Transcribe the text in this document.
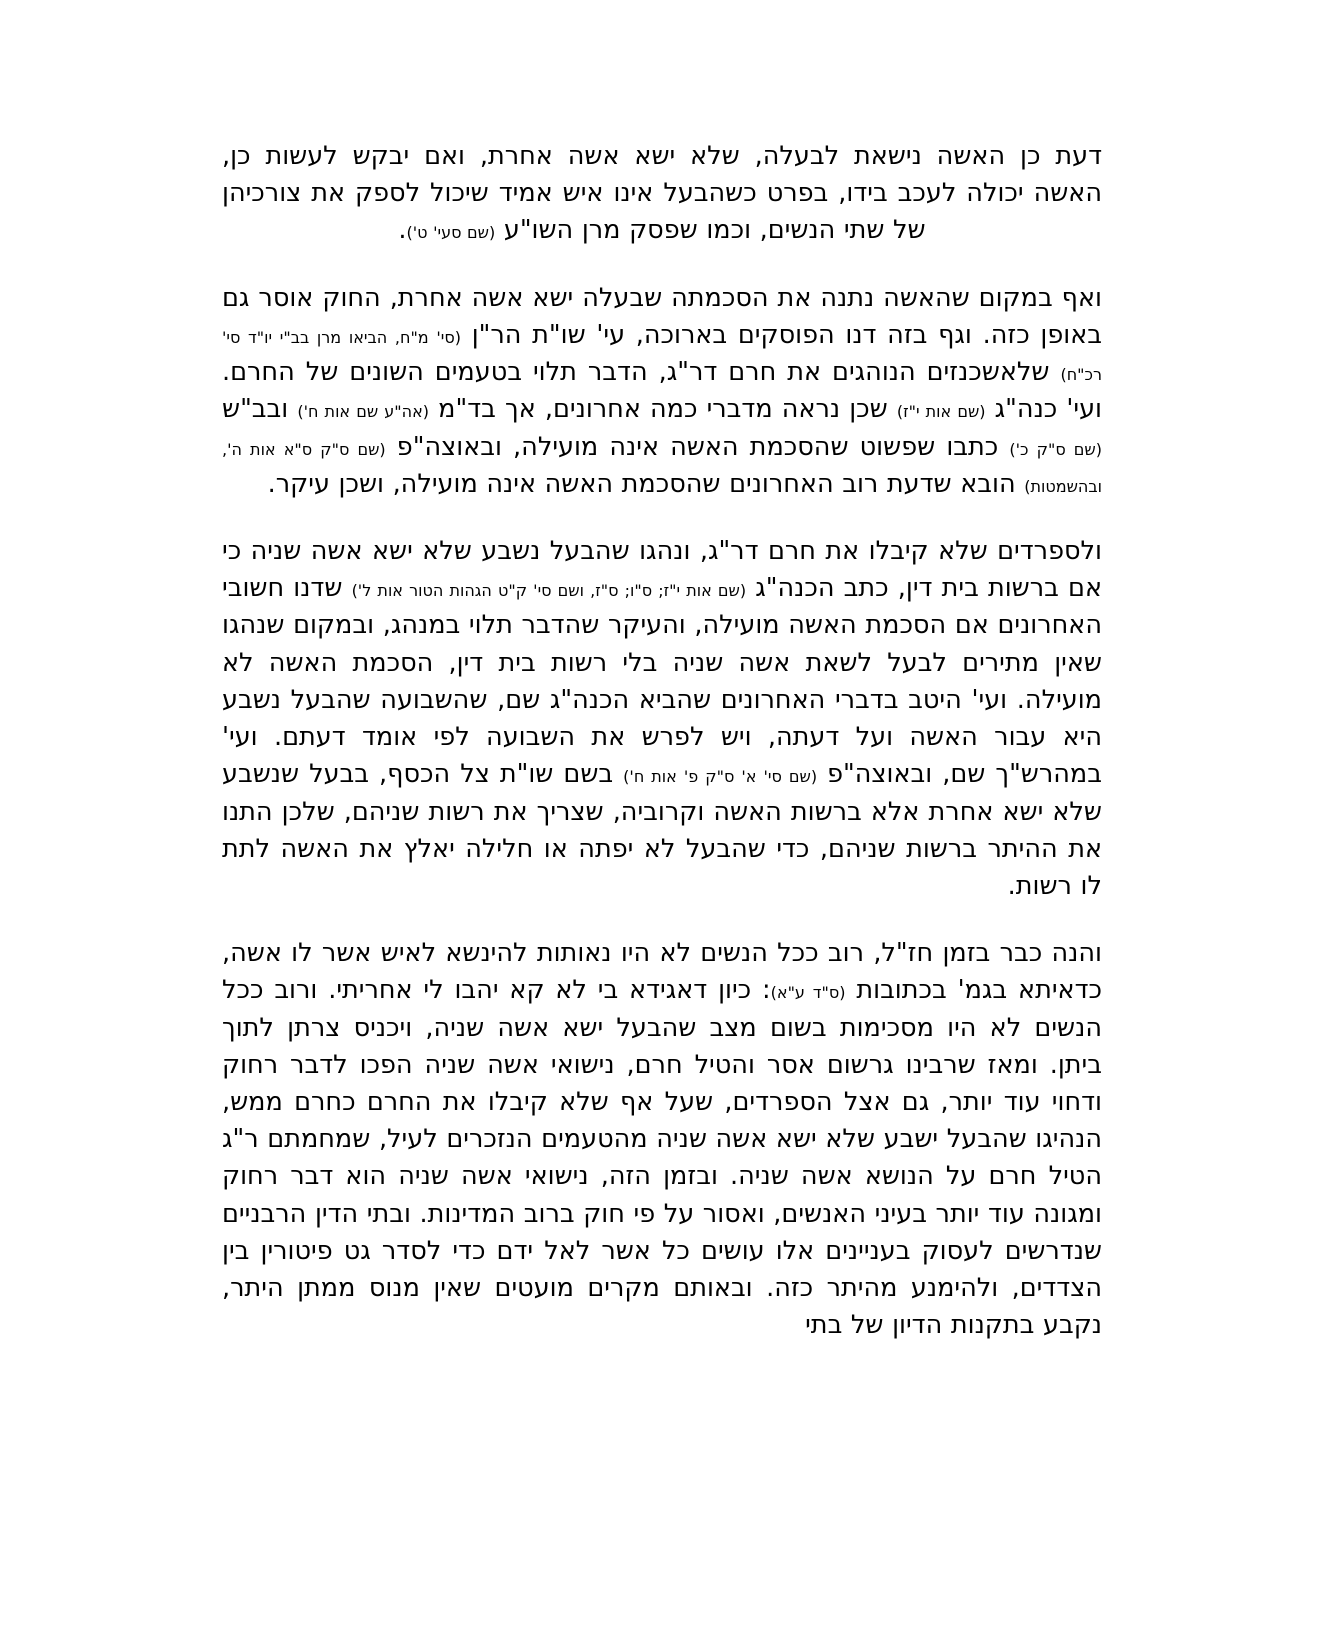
דעת כן האשה נישאת לבעלה, שלא ישא אשה אחרת, ואם יבקש לעשות כן, האשה יכולה לעכב בידו, בפרט כשהבעל אינו איש אמיד שיכול לספק את צורכיהן של שתי הנשים, וכמו שפסק מרן השו"ע (שם סעי' ט').

ואף במקום שהאשה נתנה את הסכמתה שבעלה ישא אשה אחרת, החוק אוסר גם באופן כזה. וגף בזה דנו הפוסקים בארוכה, עי' שו"ת הר"ן (סי' מ"ח, הביאו מרן בב"י יו"ד סי' רכ"ח) שלאשכנזים הנוהגים את חרם דר"ג, הדבר תלוי בטעמים השונים של החרם. ועי' כנה"ג (שם אות י"ז) שכן נראה מדברי כמה אחרונים, אך בד"מ (אה"ע שם אות ח') ובב"ש (שם ס"ק כ') כתבו שפשוט שהסכמת האשה אינה מועילה, ובאוצה"פ (שם ס"ק ס"א אות ה', ובהשמטות) הובא שדעת רוב האחרונים שהסכמת האשה אינה מועילה, ושכן עיקר.

ולספרדים שלא קיבלו את חרם דר"ג, ונהגו שהבעל נשבע שלא ישא אשה שניה כי אם ברשות בית דין, כתב הכנה"ג (שם אות י"ז; ס"ו; ס"ז, ושם סי' ק"ט הגהות הטור אות ל') שדנו חשובי האחרונים אם הסכמת האשה מועילה, והעיקר שהדבר תלוי במנהג, ובמקום שנהגו שאין מתירים לבעל לשאת אשה שניה בלי רשות בית דין, הסכמת האשה לא מועילה. ועי' היטב בדברי האחרונים שהביא הכנה"ג שם, שהשבועה שהבעל נשבע היא עבור האשה ועל דעתה, ויש לפרש את השבועה לפי אומד דעתם. ועי' במהרש"ך שם, ובאוצה"פ (שם סי' א' ס"ק פ' אות ח') בשם שו"ת צל הכסף, בבעל שנשבע שלא ישא אחרת אלא ברשות האשה וקרוביה, שצריך את רשות שניהם, שלכן התנו את ההיתר ברשות שניהם, כדי שהבעל לא יפתה או חלילה יאלץ את האשה לתת לו רשות.

והנה כבר בזמן חז"ל, רוב ככל הנשים לא היו נאותות להינשא לאיש אשר לו אשה, כדאיתא בגמ' בכתובות (ס"ד ע"א): כיון דאגידא בי לא קא יהבו לי אחריתי. ורוב ככל הנשים לא היו מסכימות בשום מצב שהבעל ישא אשה שניה, ויכניס צרתן לתוך ביתן. ומאז שרבינו גרשום אסר והטיל חרם, נישואי אשה שניה הפכו לדבר רחוק ודחוי עוד יותר, גם אצל הספרדים, שעל אף שלא קיבלו את החרם כחרם ממש, הנהיגו שהבעל ישבע שלא ישא אשה שניה מהטעמים הנזכרים לעיל, שמחמתם ר"ג הטיל חרם על הנושא אשה שניה. ובזמן הזה, נישואי אשה שניה הוא דבר רחוק ומגונה עוד יותר בעיני האנשים, ואסור על פי חוק ברוב המדינות. ובתי הדין הרבניים שנדרשים לעסוק בעניינים אלו עושים כל אשר לאל ידם כדי לסדר גט פיטורין בין הצדדים, ולהימנע מהיתר כזה. ובאותם מקרים מועטים שאין מנוס ממתן היתר, נקבע בתקנות הדיון של בתי
